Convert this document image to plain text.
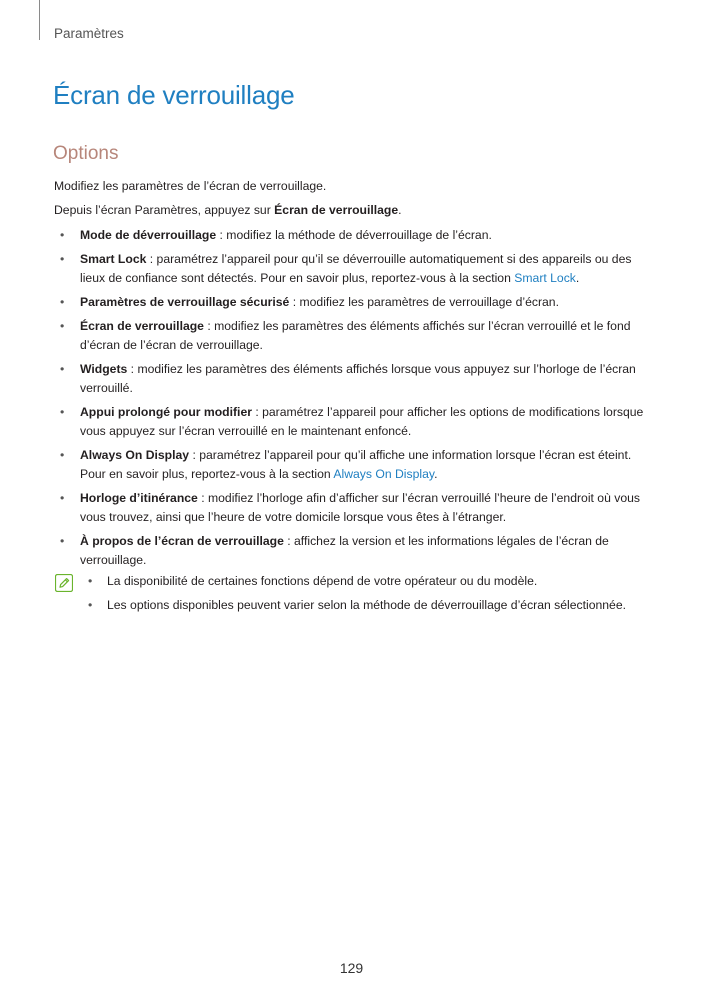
Paramètres
Écran de verrouillage
Options
Modifiez les paramètres de l’écran de verrouillage.
Depuis l’écran Paramètres, appuyez sur Écran de verrouillage.
• Mode de déverrouillage : modifiez la méthode de déverrouillage de l’écran.
• Smart Lock : paramétrez l’appareil pour qu’il se déverrouille automatiquement si des appareils ou des lieux de confiance sont détectés. Pour en savoir plus, reportez-vous à la section Smart Lock.
• Paramètres de verrouillage sécurisé : modifiez les paramètres de verrouillage d’écran.
• Écran de verrouillage : modifiez les paramètres des éléments affichés sur l’écran verrouillé et le fond d’écran de l’écran de verrouillage.
• Widgets : modifiez les paramètres des éléments affichés lorsque vous appuyez sur l’horloge de l’écran verrouillé.
• Appui prolongé pour modifier : paramétrez l’appareil pour afficher les options de modifications lorsque vous appuyez sur l’écran verrouillé en le maintenant enfoncé.
• Always On Display : paramétrez l’appareil pour qu’il affiche une information lorsque l’écran est éteint. Pour en savoir plus, reportez-vous à la section Always On Display.
• Horloge d’itinérance : modifiez l’horloge afin d’afficher sur l’écran verrouillé l’heure de l’endroit où vous vous trouvez, ainsi que l’heure de votre domicile lorsque vous êtes à l’étranger.
• À propos de l’écran de verrouillage : affichez la version et les informations légales de l’écran de verrouillage.
• La disponibilité de certaines fonctions dépend de votre opérateur ou du modèle.
• Les options disponibles peuvent varier selon la méthode de déverrouillage d’écran sélectionnée.
129
